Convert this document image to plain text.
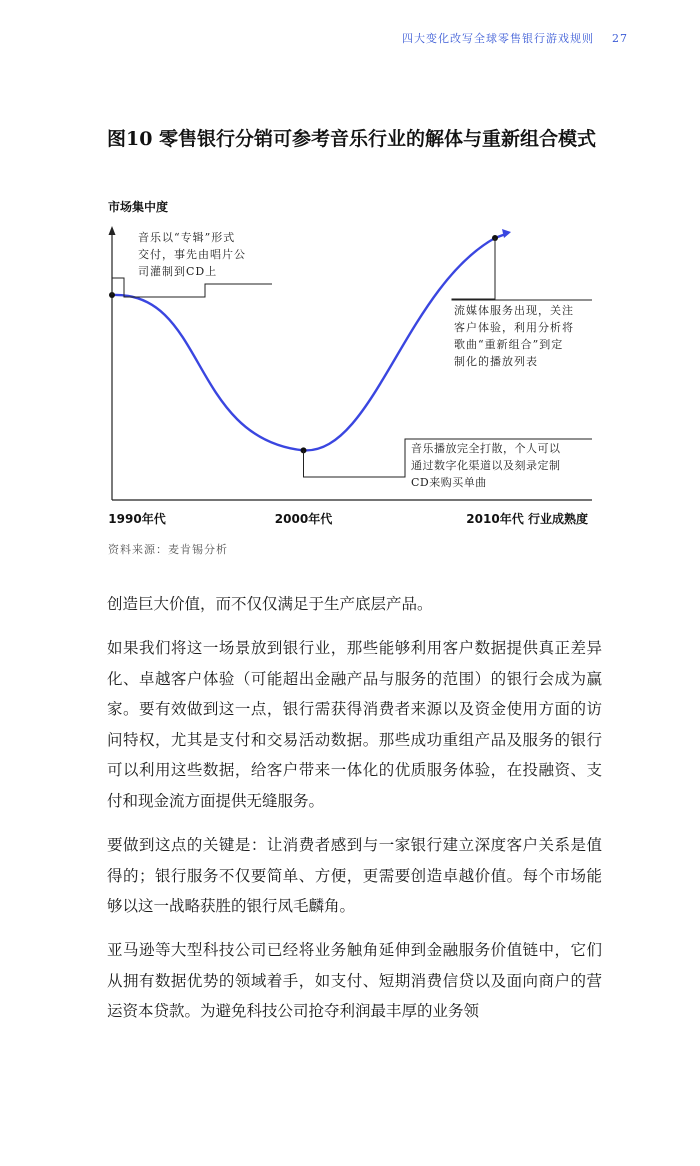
四大变化改写全球零售银行游戏规则 27
图10 零售银行分销可参考音乐行业的解体与重新组合模式
市场集中度
1990年代	2000年代	2010年代 行业成熟度
音乐以“专辑”形式
交付，事先由唱片公
司灌制到CD上
流媒体服务出现，关注
客户体验，利用分析将
歌曲“重新组合”到定
制化的播放列表
音乐播放完全打散，个人可以
通过数字化渠道以及刻录定制
CD来购买单曲
资料来源：麦肯锡分析

创造巨大价值，而不仅仅满足于生产底层产品。

如果我们将这一场景放到银行业，那些能够利用客户数据提供真正差异化、卓越客户体验（可能超出金融产品与服务的范围）的银行会成为赢家。要有效做到这一点，银行需获得消费者来源以及资金使用方面的访问特权，尤其是支付和交易活动数据。那些成功重组产品及服务的银行可以利用这些数据，给客户带来一体化的优质服务体验，在投融资、支付和现金流方面提供无缝服务。

要做到这点的关键是：让消费者感到与一家银行建立深度客户关系是值得的；银行服务不仅要简单、方便，更需要创造卓越价值。每个市场能够以这一战略获胜的银行凤毛麟角。

亚马逊等大型科技公司已经将业务触角延伸到金融服务价值链中，它们从拥有数据优势的领域着手，如支付、短期消费信贷以及面向商户的营运资本贷款。为避免科技公司抢夺利润最丰厚的业务领
